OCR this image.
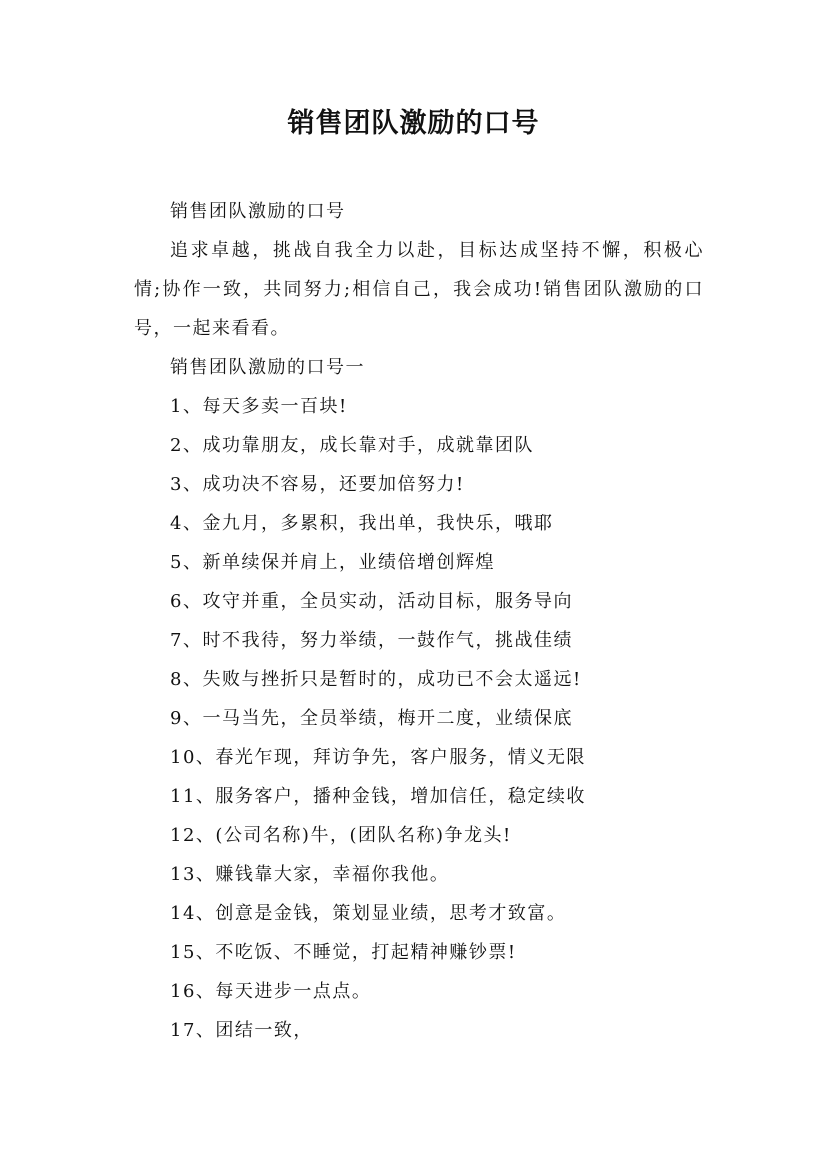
销售团队激励的口号

销售团队激励的口号

追求卓越，挑战自我全力以赴，目标达成坚持不懈，积极心情;协作一致，共同努力;相信自己，我会成功!销售团队激励的口号，一起来看看。

销售团队激励的口号一

1、每天多卖一百块!
2、成功靠朋友，成长靠对手，成就靠团队
3、成功决不容易，还要加倍努力!
4、金九月，多累积，我出单，我快乐，哦耶
5、新单续保并肩上，业绩倍增创辉煌
6、攻守并重，全员实动，活动目标，服务导向
7、时不我待，努力举绩，一鼓作气，挑战佳绩
8、失败与挫折只是暂时的，成功已不会太遥远!
9、一马当先，全员举绩，梅开二度，业绩保底
10、春光乍现，拜访争先，客户服务，情义无限
11、服务客户，播种金钱，增加信任，稳定续收
12、(公司名称)牛，(团队名称)争龙头!
13、赚钱靠大家，幸福你我他。
14、创意是金钱，策划显业绩，思考才致富。
15、不吃饭、不睡觉，打起精神赚钞票!
16、每天进步一点点。
17、团结一致，
